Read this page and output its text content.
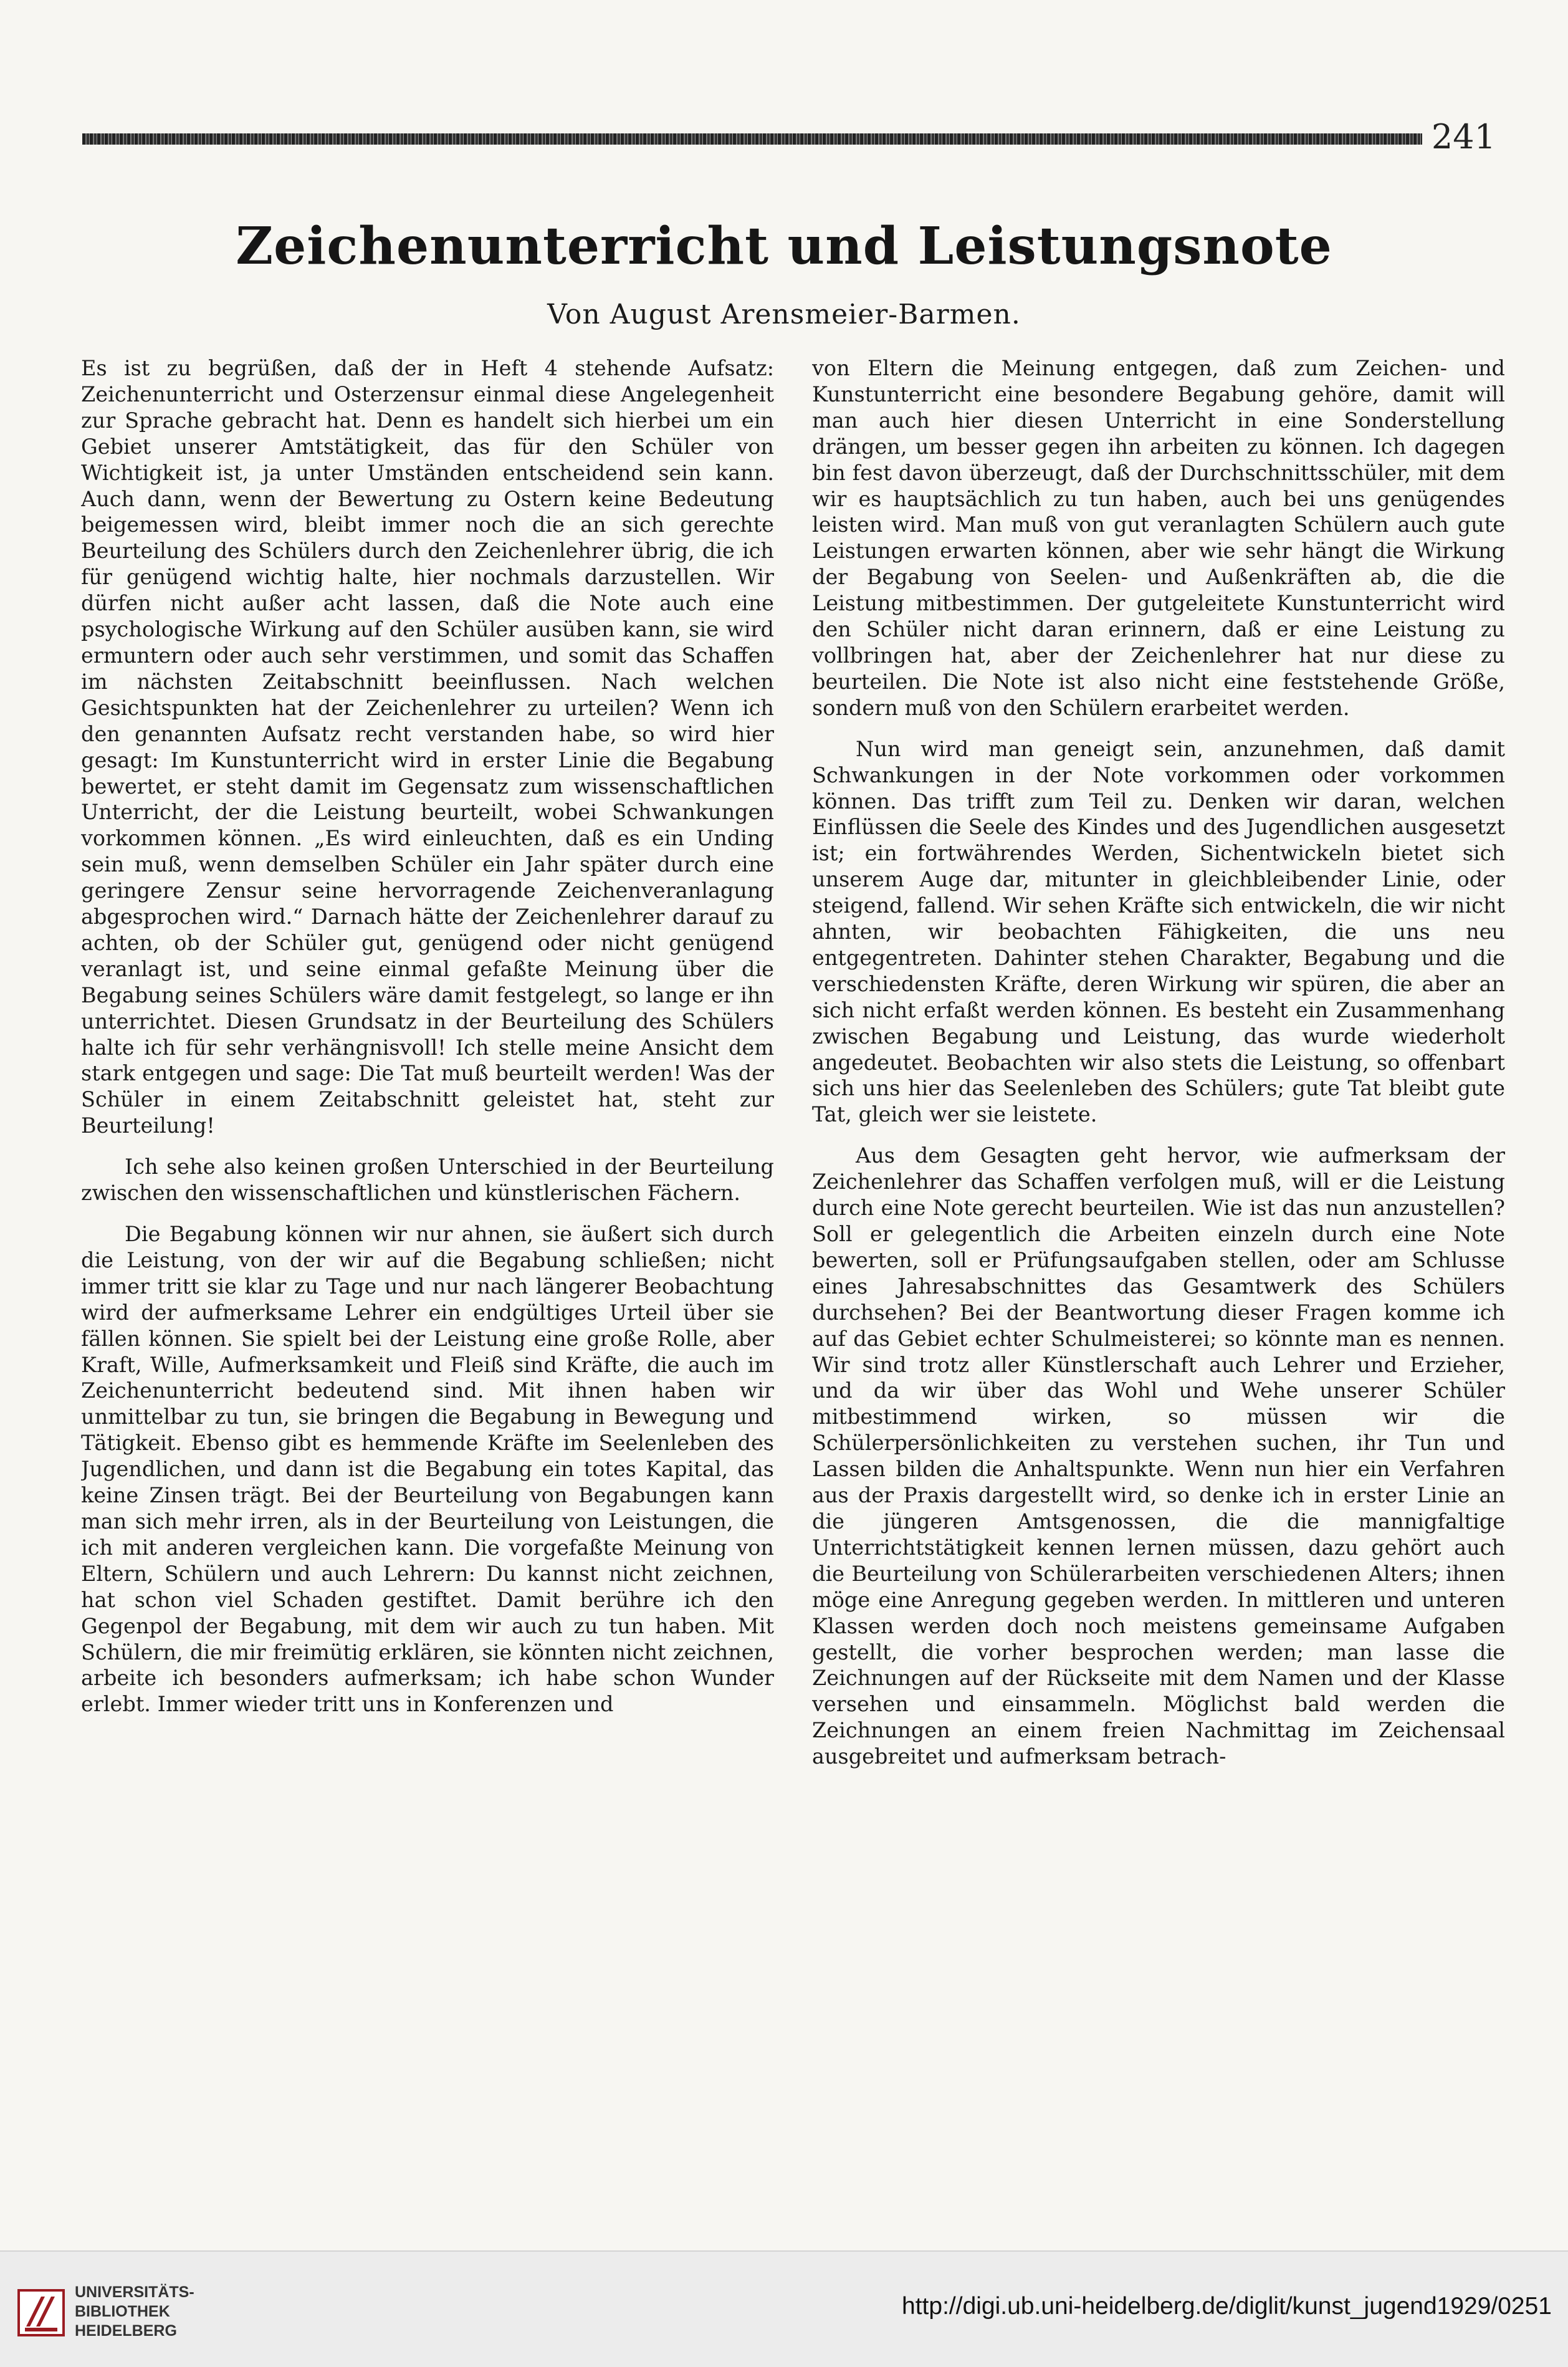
241
Zeichenunterricht und Leistungsnote
Von August Arensmeier-Barmen.

Es ist zu begrüßen, daß der in Heft 4 stehende Aufsatz: Zeichenunterricht und Osterzensur einmal diese Angelegenheit zur Sprache gebracht hat. Denn es handelt sich hierbei um ein Gebiet unserer Amtstätigkeit, das für den Schüler von Wichtigkeit ist, ja unter Umständen entscheidend sein kann. Auch dann, wenn der Bewertung zu Ostern keine Bedeutung beigemessen wird, bleibt immer noch die an sich gerechte Beurteilung des Schülers durch den Zeichenlehrer übrig, die ich für genügend wichtig halte, hier nochmals darzustellen. Wir dürfen nicht außer acht lassen, daß die Note auch eine psychologische Wirkung auf den Schüler ausüben kann, sie wird ermuntern oder auch sehr verstimmen, und somit das Schaffen im nächsten Zeitabschnitt beeinflussen. Nach welchen Gesichtspunkten hat der Zeichenlehrer zu urteilen? Wenn ich den genannten Aufsatz recht verstanden habe, so wird hier gesagt: Im Kunstunterricht wird in erster Linie die Begabung bewertet, er steht damit im Gegensatz zum wissenschaftlichen Unterricht, der die Leistung beurteilt, wobei Schwankungen vorkommen können. „Es wird einleuchten, daß es ein Unding sein muß, wenn demselben Schüler ein Jahr später durch eine geringere Zensur seine hervorragende Zeichenveranlagung abgesprochen wird.“ Darnach hätte der Zeichenlehrer darauf zu achten, ob der Schüler gut, genügend oder nicht genügend veranlagt ist, und seine einmal gefaßte Meinung über die Begabung seines Schülers wäre damit festgelegt, so lange er ihn unterrichtet. Diesen Grundsatz in der Beurteilung des Schülers halte ich für sehr verhängnisvoll! Ich stelle meine Ansicht dem stark entgegen und sage: Die Tat muß beurteilt werden! Was der Schüler in einem Zeitabschnitt geleistet hat, steht zur Beurteilung!

Ich sehe also keinen großen Unterschied in der Beurteilung zwischen den wissenschaftlichen und künstlerischen Fächern.

Die Begabung können wir nur ahnen, sie äußert sich durch die Leistung, von der wir auf die Begabung schließen; nicht immer tritt sie klar zu Tage und nur nach längerer Beobachtung wird der aufmerksame Lehrer ein endgültiges Urteil über sie fällen können. Sie spielt bei der Leistung eine große Rolle, aber Kraft, Wille, Aufmerksamkeit und Fleiß sind Kräfte, die auch im Zeichenunterricht bedeutend sind. Mit ihnen haben wir unmittelbar zu tun, sie bringen die Begabung in Bewegung und Tätigkeit. Ebenso gibt es hemmende Kräfte im Seelenleben des Jugendlichen, und dann ist die Begabung ein totes Kapital, das keine Zinsen trägt. Bei der Beurteilung von Begabungen kann man sich mehr irren, als in der Beurteilung von Leistungen, die ich mit anderen vergleichen kann. Die vorgefaßte Meinung von Eltern, Schülern und auch Lehrern: Du kannst nicht zeichnen, hat schon viel Schaden gestiftet. Damit berühre ich den Gegenpol der Begabung, mit dem wir auch zu tun haben. Mit Schülern, die mir freimütig erklären, sie könnten nicht zeichnen, arbeite ich besonders aufmerksam; ich habe schon Wunder erlebt. Immer wieder tritt uns in Konferenzen und

von Eltern die Meinung entgegen, daß zum Zeichen- und Kunstunterricht eine besondere Begabung gehöre, damit will man auch hier diesen Unterricht in eine Sonderstellung drängen, um besser gegen ihn arbeiten zu können. Ich dagegen bin fest davon überzeugt, daß der Durchschnittsschüler, mit dem wir es hauptsächlich zu tun haben, auch bei uns genügendes leisten wird. Man muß von gut veranlagten Schülern auch gute Leistungen erwarten können, aber wie sehr hängt die Wirkung der Begabung von Seelen- und Außenkräften ab, die die Leistung mitbestimmen. Der gutgeleitete Kunstunterricht wird den Schüler nicht daran erinnern, daß er eine Leistung zu vollbringen hat, aber der Zeichenlehrer hat nur diese zu beurteilen. Die Note ist also nicht eine feststehende Größe, sondern muß von den Schülern erarbeitet werden.

Nun wird man geneigt sein, anzunehmen, daß damit Schwankungen in der Note vorkommen oder vorkommen können. Das trifft zum Teil zu. Denken wir daran, welchen Einflüssen die Seele des Kindes und des Jugendlichen ausgesetzt ist; ein fortwährendes Werden, Sichentwickeln bietet sich unserem Auge dar, mitunter in gleichbleibender Linie, oder steigend, fallend. Wir sehen Kräfte sich entwickeln, die wir nicht ahnten, wir beobachten Fähigkeiten, die uns neu entgegentreten. Dahinter stehen Charakter, Begabung und die verschiedensten Kräfte, deren Wirkung wir spüren, die aber an sich nicht erfaßt werden können. Es besteht ein Zusammenhang zwischen Begabung und Leistung, das wurde wiederholt angedeutet. Beobachten wir also stets die Leistung, so offenbart sich uns hier das Seelenleben des Schülers; gute Tat bleibt gute Tat, gleich wer sie leistete.

Aus dem Gesagten geht hervor, wie aufmerksam der Zeichenlehrer das Schaffen verfolgen muß, will er die Leistung durch eine Note gerecht beurteilen. Wie ist das nun anzustellen? Soll er gelegentlich die Arbeiten einzeln durch eine Note bewerten, soll er Prüfungsaufgaben stellen, oder am Schlusse eines Jahresabschnittes das Gesamtwerk des Schülers durchsehen? Bei der Beantwortung dieser Fragen komme ich auf das Gebiet echter Schulmeisterei; so könnte man es nennen. Wir sind trotz aller Künstlerschaft auch Lehrer und Erzieher, und da wir über das Wohl und Wehe unserer Schüler mitbestimmend wirken, so müssen wir die Schülerpersönlichkeiten zu verstehen suchen, ihr Tun und Lassen bilden die Anhaltspunkte. Wenn nun hier ein Verfahren aus der Praxis dargestellt wird, so denke ich in erster Linie an die jüngeren Amtsgenossen, die die mannigfaltige Unterrichtstätigkeit kennen lernen müssen, dazu gehört auch die Beurteilung von Schülerarbeiten verschiedenen Alters; ihnen möge eine Anregung gegeben werden. In mittleren und unteren Klassen werden doch noch meistens gemeinsame Aufgaben gestellt, die vorher besprochen werden; man lasse die Zeichnungen auf der Rückseite mit dem Namen und der Klasse versehen und einsammeln. Möglichst bald werden die Zeichnungen an einem freien Nachmittag im Zeichensaal ausgebreitet und aufmerksam betrach-

UNIVERSITÄTS-
BIBLIOTHEK
HEIDELBERG
http://digi.ub.uni-heidelberg.de/diglit/kunst_jugend1929/0251
